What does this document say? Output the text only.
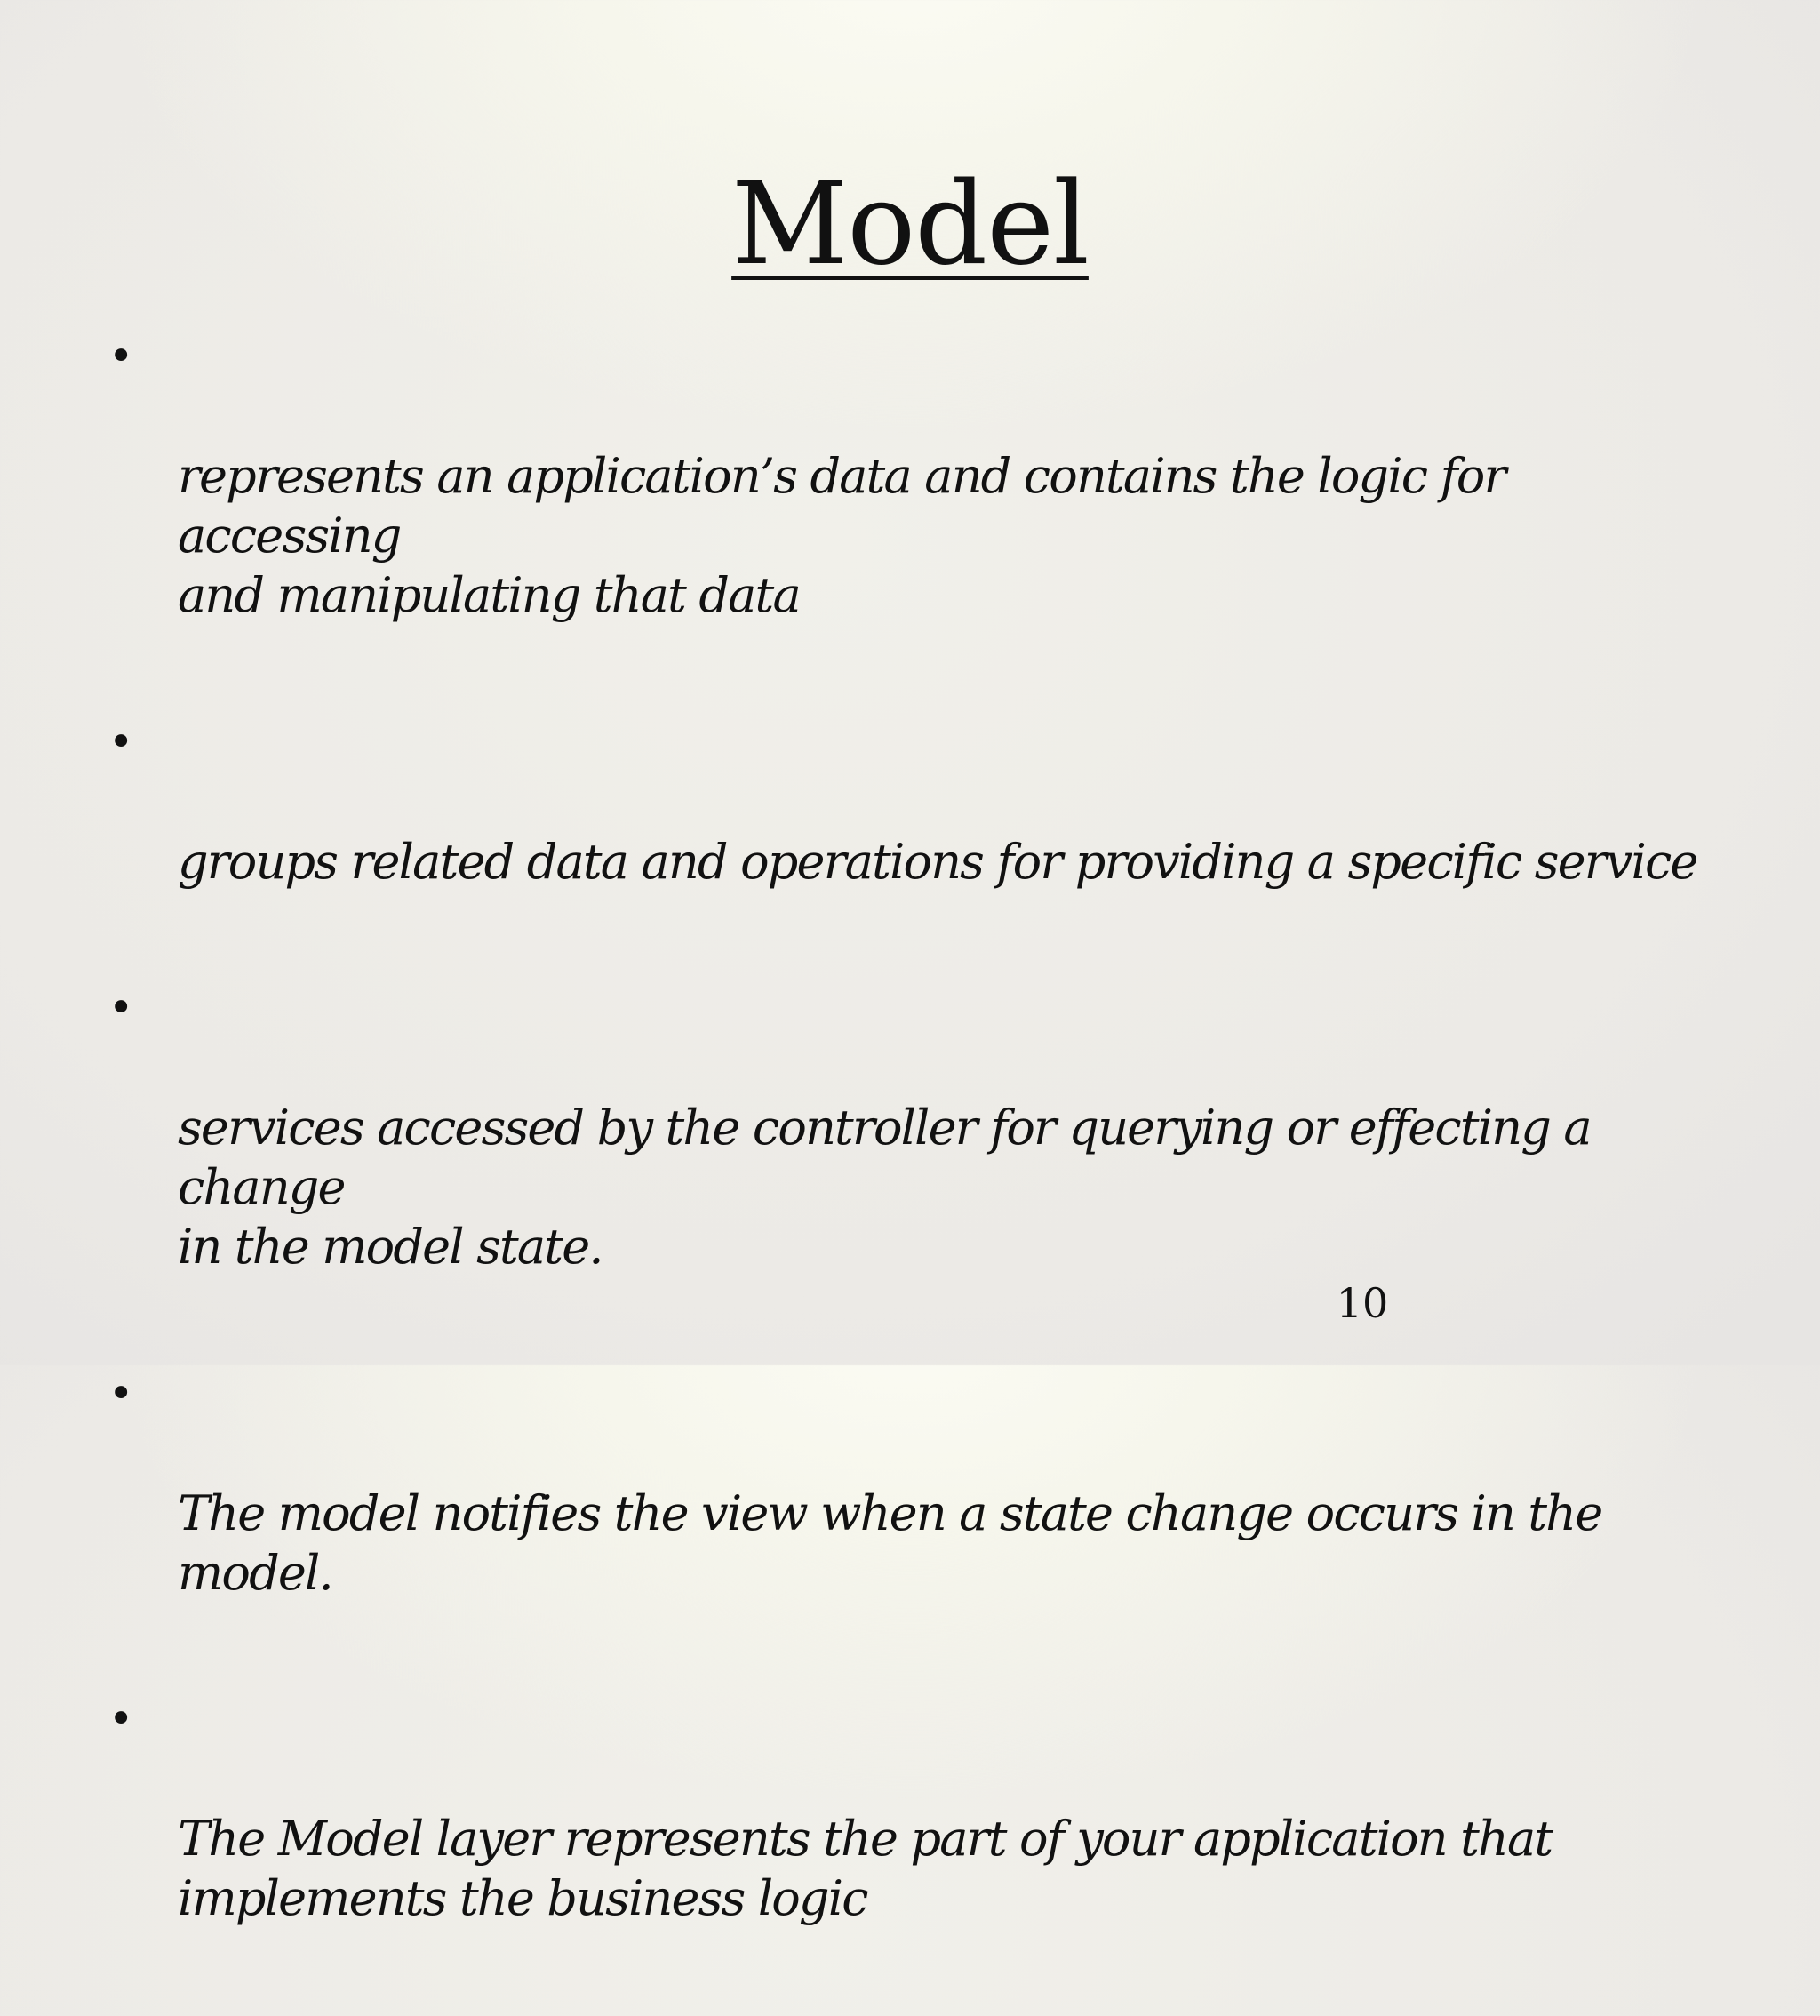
Model

•

represents an application’s data and contains the logic for accessing
and manipulating that data

•

groups related data and operations for providing a specific service

•

services accessed by the controller for querying or effecting a change
in the model state.

•

The model notifies the view when a state change occurs in the model.

•

The Model layer represents the part of your application that
implements the business logic

10
